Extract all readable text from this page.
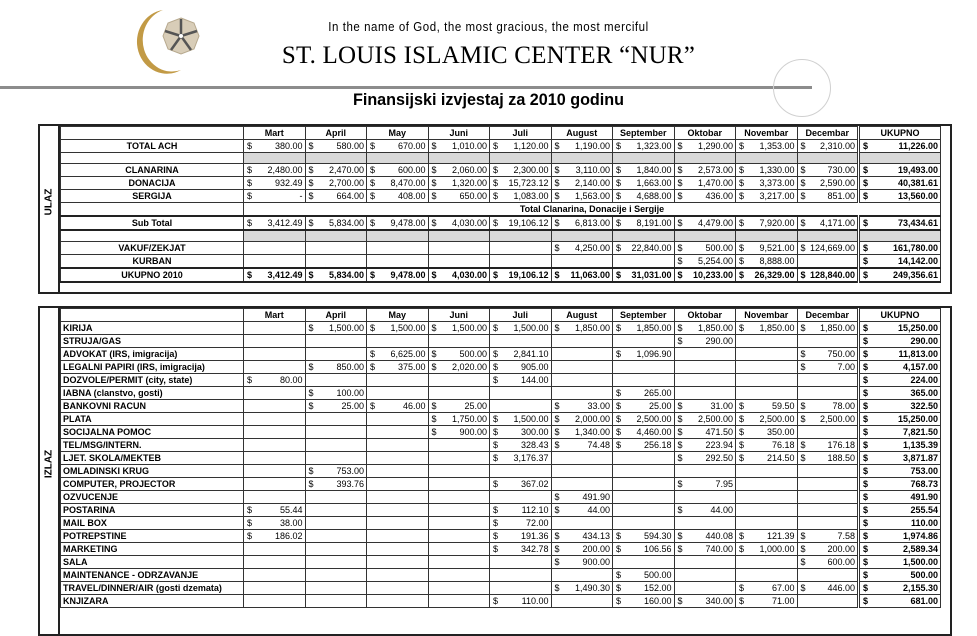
In the name of God, the most gracious, the most merciful
ST. LOUIS ISLAMIC CENTER “NUR”
Finansijski izvjestaj za 2010 godinu
ULAZ
	Mart	April	May	Juni	Juli	August	September	Oktobar	Novembar	Decembar	UKUPNO
TOTAL ACH	$ 380.00	$ 580.00	$ 670.00	$ 1,010.00	$ 1,120.00	$ 1,190.00	$ 1,323.00	$ 1,290.00	$ 1,353.00	$ 2,310.00	$ 11,226.00

CLANARINA	$ 2,480.00	$ 2,470.00	$ 600.00	$ 2,060.00	$ 2,300.00	$ 3,110.00	$ 1,840.00	$ 2,573.00	$ 1,330.00	$ 730.00	$ 19,493.00
DONACIJA	$ 932.49	$ 2,700.00	$ 8,470.00	$ 1,320.00	$ 15,723.12	$ 2,140.00	$ 1,663.00	$ 1,470.00	$ 3,373.00	$ 2,590.00	$ 40,381.61
SERGIJA	$ -	$ 664.00	$ 408.00	$ 650.00	$ 1,083.00	$ 1,563.00	$ 4,688.00	$ 436.00	$ 3,217.00	$ 851.00	$ 13,560.00
	Total Clanarina, Donacije i Sergije										
Sub Total	$ 3,412.49	$ 5,834.00	$ 9,478.00	$ 4,030.00	$ 19,106.12	$ 6,813.00	$ 8,191.00	$ 4,479.00	$ 7,920.00	$ 4,171.00	$ 73,434.61

VAKUF/ZEKJAT						$ 4,250.00	$ 22,840.00	$ 500.00	$ 9,521.00	$ 124,669.00	$ 161,780.00
KURBAN								$ 5,254.00	$ 8,888.00		$ 14,142.00
UKUPNO 2010	$ 3,412.49	$ 5,834.00	$ 9,478.00	$ 4,030.00	$ 19,106.12	$ 11,063.00	$ 31,031.00	$ 10,233.00	$ 26,329.00	$ 128,840.00	$ 249,356.61
IZLAZ
	Mart	April	May	Juni	Juli	August	September	Oktobar	Novembar	Decembar	UKUPNO
KIRIJA		$ 1,500.00	$ 1,500.00	$ 1,500.00	$ 1,500.00	$ 1,850.00	$ 1,850.00	$ 1,850.00	$ 1,850.00	$ 1,850.00	$ 15,250.00
STRUJA/GAS								$ 290.00			$ 290.00
ADVOKAT (IRS, imigracija)			$ 6,625.00	$ 500.00	$ 2,841.10		$ 1,096.90			$ 750.00	$ 11,813.00
LEGALNI PAPIRI (IRS, imigracija)		$ 850.00	$ 375.00	$ 2,020.00	$ 905.00					$ 7.00	$ 4,157.00
DOZVOLE/PERMIT (city, state)	$ 80.00				$ 144.00						$ 224.00
IABNA (clanstvo, gosti)		$ 100.00					$ 265.00				$ 365.00
BANKOVNI RACUN		$ 25.00	$ 46.00	$ 25.00		$ 33.00	$ 25.00	$ 31.00	$ 59.50	$ 78.00	$ 322.50
PLATA				$ 1,750.00	$ 1,500.00	$ 2,000.00	$ 2,500.00	$ 2,500.00	$ 2,500.00	$ 2,500.00	$ 15,250.00
SOCIJALNA POMOC				$ 900.00	$ 300.00	$ 1,340.00	$ 4,460.00	$ 471.50	$ 350.00		$ 7,821.50
TEL/MSG/INTERN.					$ 328.43	$ 74.48	$ 256.18	$ 223.94	$ 76.18	$ 176.18	$ 1,135.39
LJET. SKOLA/MEKTEB					$ 3,176.37			$ 292.50	$ 214.50	$ 188.50	$ 3,871.87
OMLADINSKI KRUG		$ 753.00									$ 753.00
COMPUTER, PROJECTOR		$ 393.76			$ 367.02			$ 7.95			$ 768.73
OZVUCENJE						$ 491.90					$ 491.90
POSTARINA	$ 55.44				$ 112.10	$ 44.00		$ 44.00			$ 255.54
MAIL BOX	$ 38.00				$ 72.00						$ 110.00
POTREPSTINE	$ 186.02				$ 191.36	$ 434.13	$ 594.30	$ 440.08	$ 121.39	$ 7.58	$ 1,974.86
MARKETING					$ 342.78	$ 200.00	$ 106.56	$ 740.00	$ 1,000.00	$ 200.00	$ 2,589.34
SALA						$ 900.00				$ 600.00	$ 1,500.00
MAINTENANCE - ODRZAVANJE							$ 500.00				$ 500.00
TRAVEL/DINNER/AIR (gosti dzemata)						$ 1,490.30	$ 152.00		$ 67.00	$ 446.00	$ 2,155.30
KNJIZARA					$ 110.00		$ 160.00	$ 340.00	$ 71.00		$ 681.00
